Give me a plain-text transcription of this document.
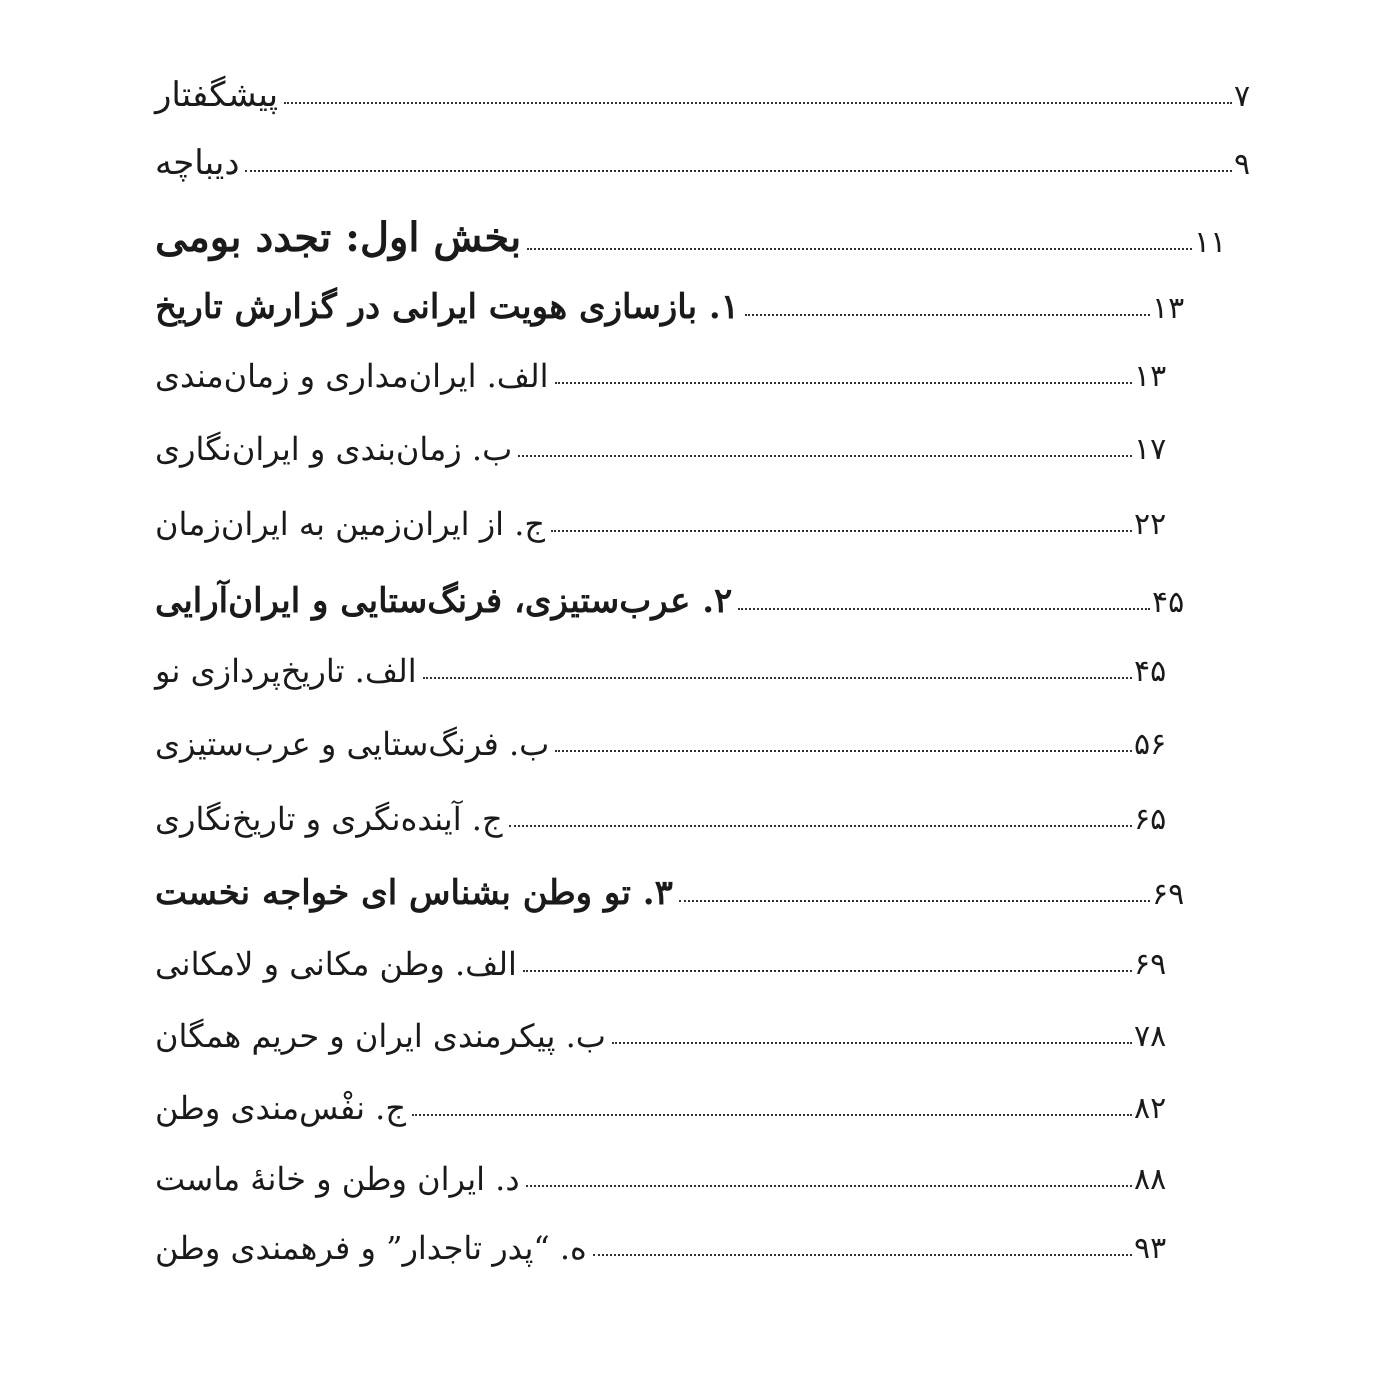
پیشگفتار	۷
دیباچه	۹
بخش اول: تجدد بومی	۱۱
۱. بازسازی هویت ایرانی در گزارش تاریخ	۱۳
الف. ایران‌مداری و زمان‌مندی	۱۳
ب. زمان‌بندی و ایران‌نگاری	۱۷
ج. از ایران‌زمین به ایران‌زمان	۲۲
۲. عرب‌ستیزی، فرنگ‌ستایی و ایران‌آرایی	۴۵
الف. تاریخ‌پردازی نو	۴۵
ب. فرنگ‌ستایی و عرب‌ستیزی	۵۶
ج. آینده‌نگری و تاریخ‌نگاری	۶۵
۳. تو وطن بشناس ای خواجه نخست	۶۹
الف. وطن مکانی و لامکانی	۶۹
ب. پیکرمندی ایران و حریم همگان	۷۸
ج. نفْس‌مندی وطن	۸۲
د. ایران وطن و خانهٔ ماست	۸۸
ه. “پدر تاجدار” و فرهمندی وطن	۹۳
